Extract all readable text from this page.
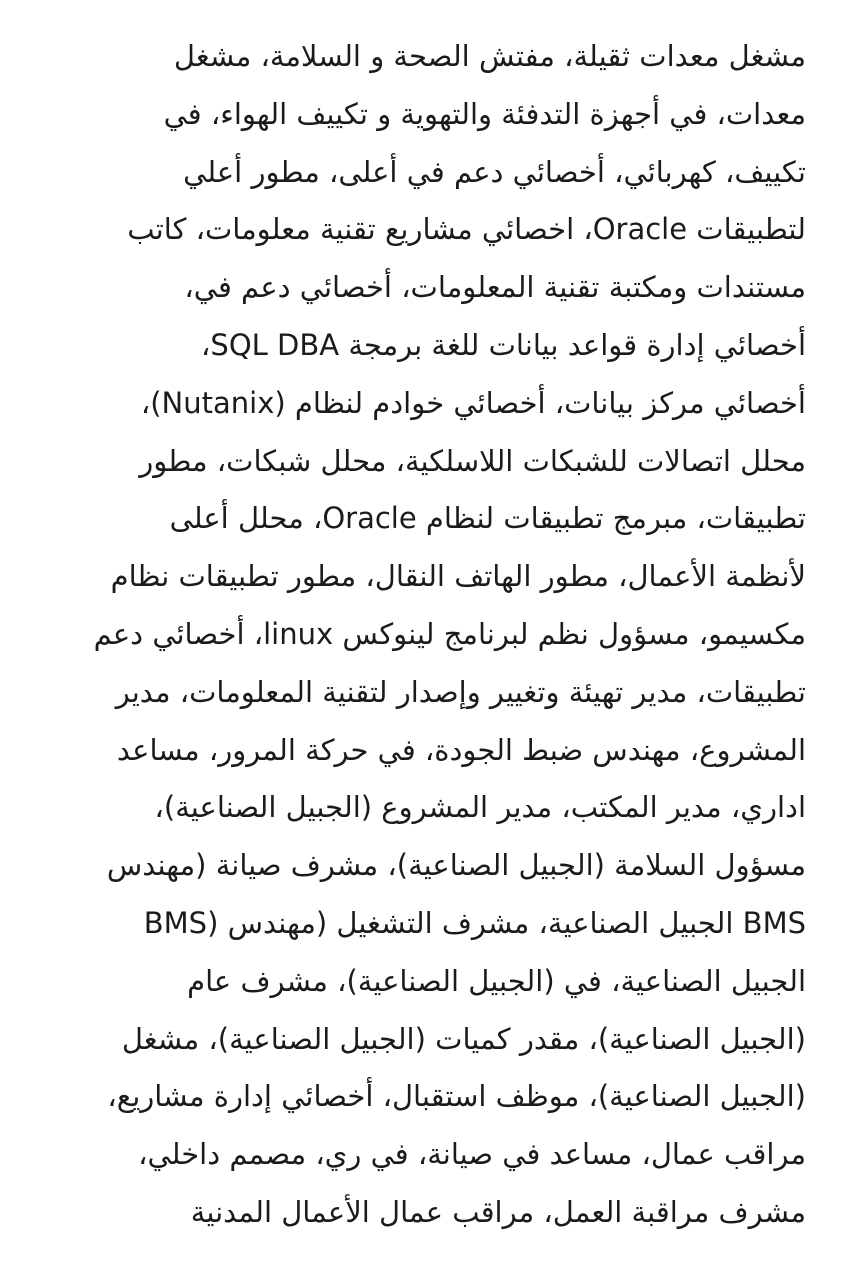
مشغل معدات ثقيلة، مفتش الصحة و السلامة، مشغل
معدات، في أجهزة التدفئة والتهوية و تكييف الهواء، في
تكييف، كهربائي، أخصائي دعم في أعلى، مطور أعلي
لتطبيقات Oracle، اخصائي مشاريع تقنية معلومات، كاتب
مستندات ومكتبة تقنية المعلومات، أخصائي دعم في،
أخصائي إدارة قواعد بيانات للغة برمجة SQL DBA،
أخصائي مركز بيانات، أخصائي خوادم لنظام (Nutanix)،
محلل اتصالات للشبكات اللاسلكية، محلل شبكات، مطور
تطبيقات، مبرمج تطبيقات لنظام Oracle، محلل أعلى
لأنظمة الأعمال، مطور الهاتف النقال، مطور تطبيقات نظام
مكسيمو، مسؤول نظم لبرنامج لينوكس linux، أخصائي دعم
تطبيقات، مدير تهيئة وتغيير وإصدار لتقنية المعلومات، مدير
المشروع، مهندس ضبط الجودة، في حركة المرور، مساعد
اداري، مدير المكتب، مدير المشروع (الجبيل الصناعية)،
مسؤول السلامة (الجبيل الصناعية)، مشرف صيانة (مهندس
BMS) الجبيل الصناعية، مشرف التشغيل (مهندس BMS
الجبيل الصناعية، في (الجبيل الصناعية)، مشرف عام
(الجبيل الصناعية)، مقدر كميات (الجبيل الصناعية)، مشغل
(الجبيل الصناعية)، موظف استقبال، أخصائي إدارة مشاريع،
مراقب عمال، مساعد في صيانة، في ري، مصمم داخلي،
مشرف مراقبة العمل، مراقب عمال الأعمال المدنية
